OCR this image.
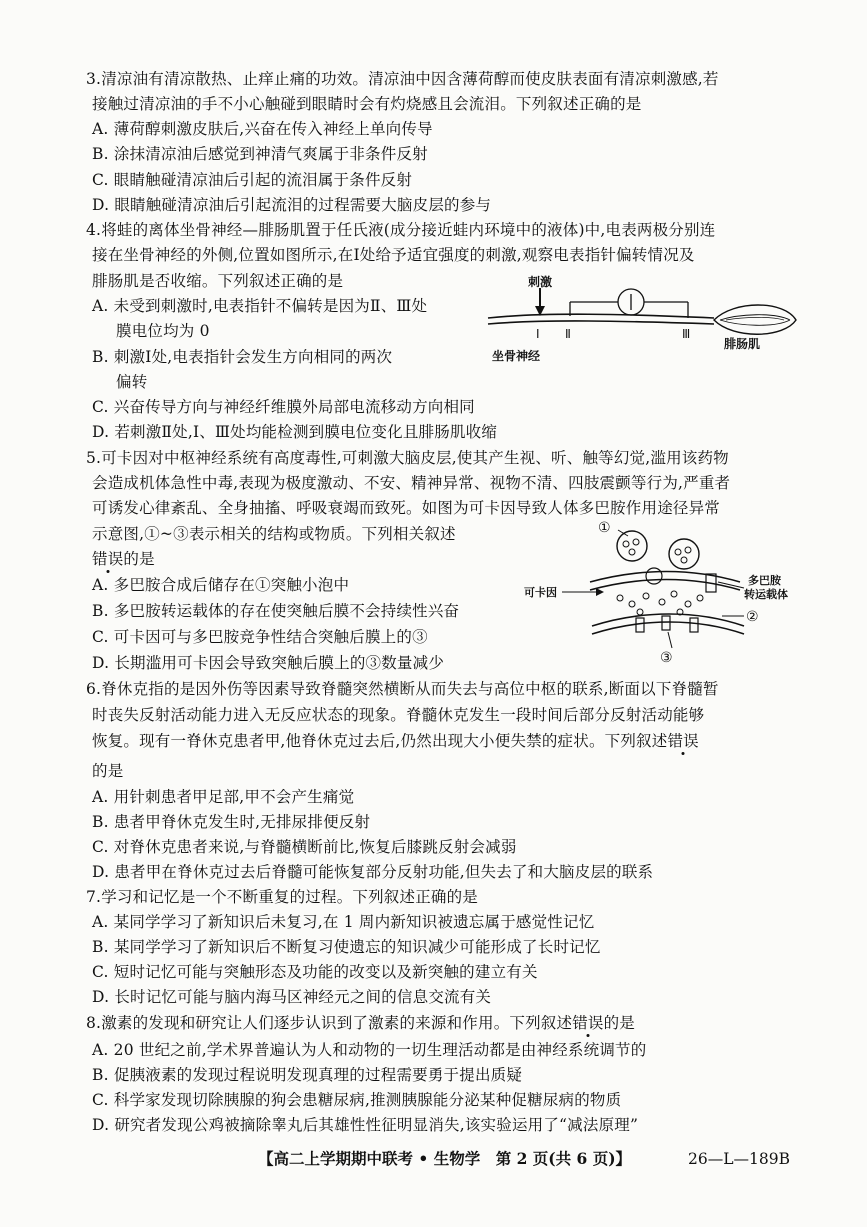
3.清凉油有清凉散热、止痒止痛的功效。清凉油中因含薄荷醇而使皮肤表面有清凉刺激感,若
接触过清凉油的手不小心触碰到眼睛时会有灼烧感且会流泪。下列叙述正确的是
A. 薄荷醇刺激皮肤后,兴奋在传入神经上单向传导
B. 涂抹清凉油后感觉到神清气爽属于非条件反射
C. 眼睛触碰清凉油后引起的流泪属于条件反射
D. 眼睛触碰清凉油后引起流泪的过程需要大脑皮层的参与
4.将蛙的离体坐骨神经—腓肠肌置于任氏液(成分接近蛙内环境中的液体)中,电表两极分别连
接在坐骨神经的外侧,位置如图所示,在Ⅰ处给予适宜强度的刺激,观察电表指针偏转情况及
腓肠肌是否收缩。下列叙述正确的是
A. 未受到刺激时,电表指针不偏转是因为Ⅱ、Ⅲ处
膜电位均为 0
B. 刺激Ⅰ处,电表指针会发生方向相同的两次
偏转
C. 兴奋传导方向与神经纤维膜外局部电流移动方向相同
D. 若刺激Ⅱ处,Ⅰ、Ⅲ处均能检测到膜电位变化且腓肠肌收缩
刺激
Ⅰ Ⅱ	Ⅲ
坐骨神经
腓肠肌
5.可卡因对中枢神经系统有高度毒性,可刺激大脑皮层,使其产生视、听、触等幻觉,滥用该药物
会造成机体急性中毒,表现为极度激动、不安、精神异常、视物不清、四肢震颤等行为,严重者
可诱发心律紊乱、全身抽搐、呼吸衰竭而致死。如图为可卡因导致人体多巴胺作用途径异常
示意图,①~③表示相关的结构或物质。下列相关叙述
错误的是
A. 多巴胺合成后储存在①突触小泡中
B. 多巴胺转运载体的存在使突触后膜不会持续性兴奋
C. 可卡因可与多巴胺竞争性结合突触后膜上的③
D. 长期滥用可卡因会导致突触后膜上的③数量减少
①
可卡因
多巴胺
转运载体
②
③
6.脊休克指的是因外伤等因素导致脊髓突然横断从而失去与高位中枢的联系,断面以下脊髓暂
时丧失反射活动能力进入无反应状态的现象。脊髓休克发生一段时间后部分反射活动能够
恢复。现有一脊休克患者甲,他脊休克过去后,仍然出现大小便失禁的症状。下列叙述错误
的是
A. 用针刺患者甲足部,甲不会产生痛觉
B. 患者甲脊休克发生时,无排尿排便反射
C. 对脊休克患者来说,与脊髓横断前比,恢复后膝跳反射会减弱
D. 患者甲在脊休克过去后脊髓可能恢复部分反射功能,但失去了和大脑皮层的联系
7.学习和记忆是一个不断重复的过程。下列叙述正确的是
A. 某同学学习了新知识后未复习,在 1 周内新知识被遗忘属于感觉性记忆
B. 某同学学习了新知识后不断复习使遗忘的知识减少可能形成了长时记忆
C. 短时记忆可能与突触形态及功能的改变以及新突触的建立有关
D. 长时记忆可能与脑内海马区神经元之间的信息交流有关
8.激素的发现和研究让人们逐步认识到了激素的来源和作用。下列叙述错误的是
A. 20 世纪之前,学术界普遍认为人和动物的一切生理活动都是由神经系统调节的
B. 促胰液素的发现过程说明发现真理的过程需要勇于提出质疑
C. 科学家发现切除胰腺的狗会患糖尿病,推测胰腺能分泌某种促糖尿病的物质
D. 研究者发现公鸡被摘除睾丸后其雄性性征明显消失,该实验运用了“减法原理”
【高二上学期期中联考 • 生物学　第 2 页(共 6 页)】	26—L—189B
